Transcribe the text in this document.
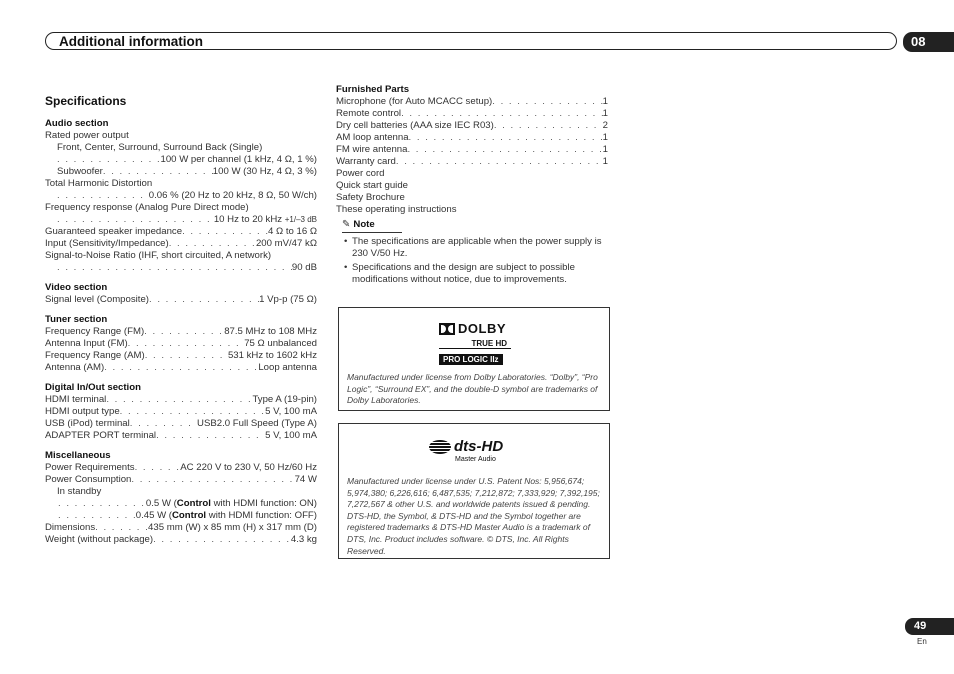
Additional information	08
Specifications
Audio section
Rated power output
Front, Center, Surround, Surround Back (Single)
. . .
100 W per channel (1 kHz, 4 Ω, 1 %)
Subwoofer . . .	100 W (30 Hz, 4 Ω, 3 %)
Total Harmonic Distortion
. . .
0.06 % (20 Hz to 20 kHz, 8 Ω, 50 W/ch)
Frequency response (Analog Pure Direct mode)
. . .
10 Hz to 20 kHz +1/–3 dB
Guaranteed speaker impedance . . .	4 Ω to 16 Ω
Input (Sensitivity/Impedance) . . .	200 mV/47 kΩ
Signal-to-Noise Ratio (IHF, short circuited, A network)
. . .
90 dB
Video section
Signal level (Composite) . . .	1 Vp-p (75 Ω)
Tuner section
Frequency Range (FM) . . .	87.5 MHz to 108 MHz
Antenna Input (FM) . . .	75 Ω unbalanced
Frequency Range (AM) . . .	531 kHz to 1602 kHz
Antenna (AM) . . .	Loop antenna
Digital In/Out section
HDMI terminal . . .	Type A (19-pin)
HDMI output type . . .	5 V, 100 mA
USB (iPod) terminal . . .	USB2.0 Full Speed (Type A)
ADAPTER PORT terminal . . .	5 V, 100 mA
Miscellaneous
Power Requirements . . .	AC 220 V to 230 V, 50 Hz/60 Hz
Power Consumption . . .	74 W
In standby
. . .
0.5 W (Control with HDMI function: ON)
. . .
0.45 W (Control with HDMI function: OFF)
Dimensions . . .	435 mm (W) x 85 mm (H) x 317 mm (D)
Weight (without package) . . .	4.3 kg
Furnished Parts
Microphone (for Auto MCACC setup) . . .	1
Remote control . . .	1
Dry cell batteries (AAA size IEC R03) . . .	2
AM loop antenna . . .	1
FM wire antenna . . .	1
Warranty card . . .	1
Power cord
Quick start guide
Safety Brochure
These operating instructions
✎ Note
• The specifications are applicable when the power supply is 230 V/50 Hz.
• Specifications and the design are subject to possible modifications without notice, due to improvements.
DOLBY
TRUE HD
PRO LOGIC IIz
Manufactured under license from Dolby Laboratories. “Dolby”, “Pro Logic”, “Surround EX”, and the double-D symbol are trademarks of Dolby Laboratories.
dts-HD
Master Audio
Manufactured under license under U.S. Patent Nos: 5,956,674; 5,974,380; 6,226,616; 6,487,535; 7,212,872; 7,333,929; 7,392,195; 7,272,567 & other U.S. and worldwide patents issued & pending. DTS-HD, the Symbol, & DTS-HD and the Symbol together are registered trademarks & DTS-HD Master Audio is a trademark of DTS, Inc. Product includes software. © DTS, Inc. All Rights Reserved.
49
En
